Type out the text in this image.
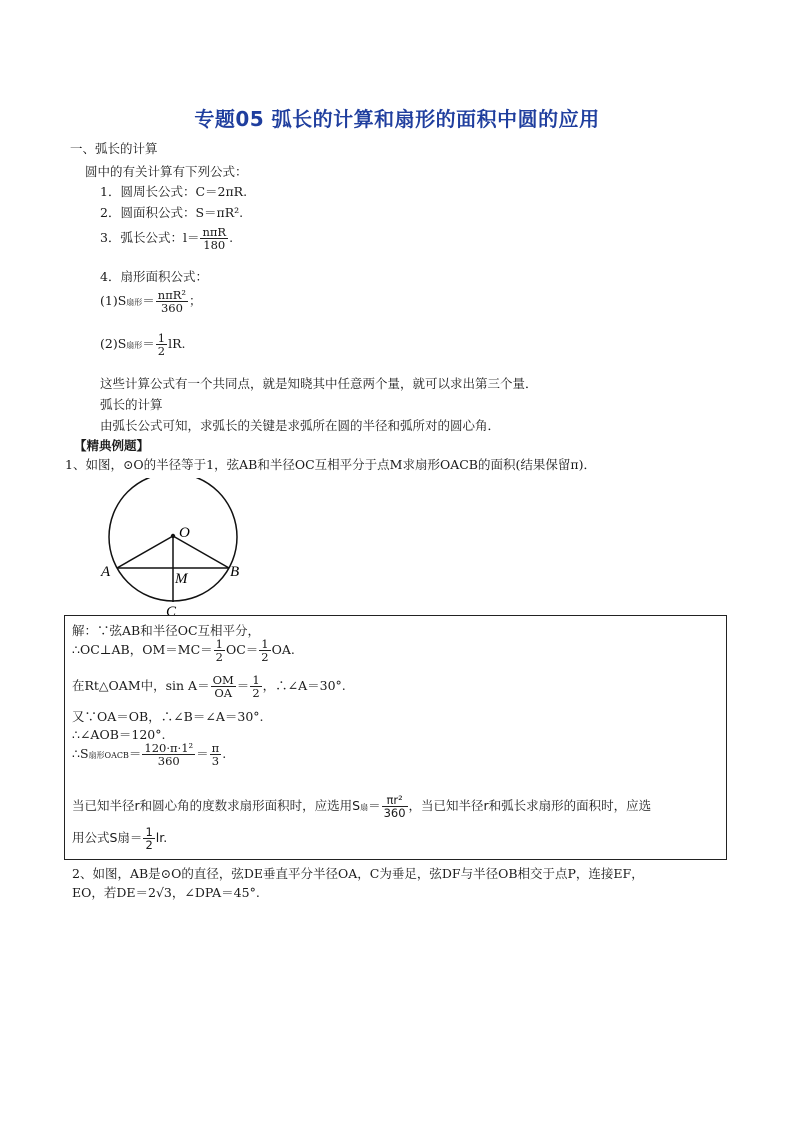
专题05 弧长的计算和扇形的面积中圆的应用
一、弧长的计算
圆中的有关计算有下列公式：
1．圆周长公式：C＝2πR.
2．圆面积公式：S＝πR².
3．弧长公式：$l= \frac{\text{nπR}}{180}$ .
4．扇形面积公式：
(1)S扇形＝ $\frac{\text{nπR²}}{360}$ ；
(2)S扇形＝ $\frac{1}{2}$ lR.
这些计算公式有一个共同点，就是知晓其中任意两个量，就可以求出第三个量．
弧长的计算
由弧长公式可知，求弧长的关键是求弧所在圆的半径和弧所对的圆心角．
【精典例题】
1、如图，⊙O的半径等于1，弦AB和半径OC互相平分于点M求扇形OACB的面积(结果保留π)．
O
A	B
M
C
解：∵弦AB和半径OC互相平分，
∴OC⊥AB，$OM=MC= \frac{1}{2} OC= \frac{1}{2}$ OA.
在Rt△OAM中，$\sin A= \frac{OM}{OA} = \frac{1}{2}$ ，∴∠A＝30°.
又∵OA＝OB，∴∠B＝∠A＝30°.
∴∠AOB＝120°.
∴S扇形OACB＝ $\frac{\text{120·π·1²}}{360} = \frac{\pi}{3}$ .
当已知半径r和圆心角的度数求扇形面积时，应选用S扇＝ $\frac{\text{πr²}}{360}$ ，当已知半径r和弧长求扇形的面积时，应选
用公式S扇＝ $\frac{1}{2}$ lr.
2、如图，AB是⊙O的直径，弦DE垂直平分半径OA，C为垂足，弦DF与半径OB相交于点P，连接EF，
EO，若DE＝2√3，∠DPA＝45°.
